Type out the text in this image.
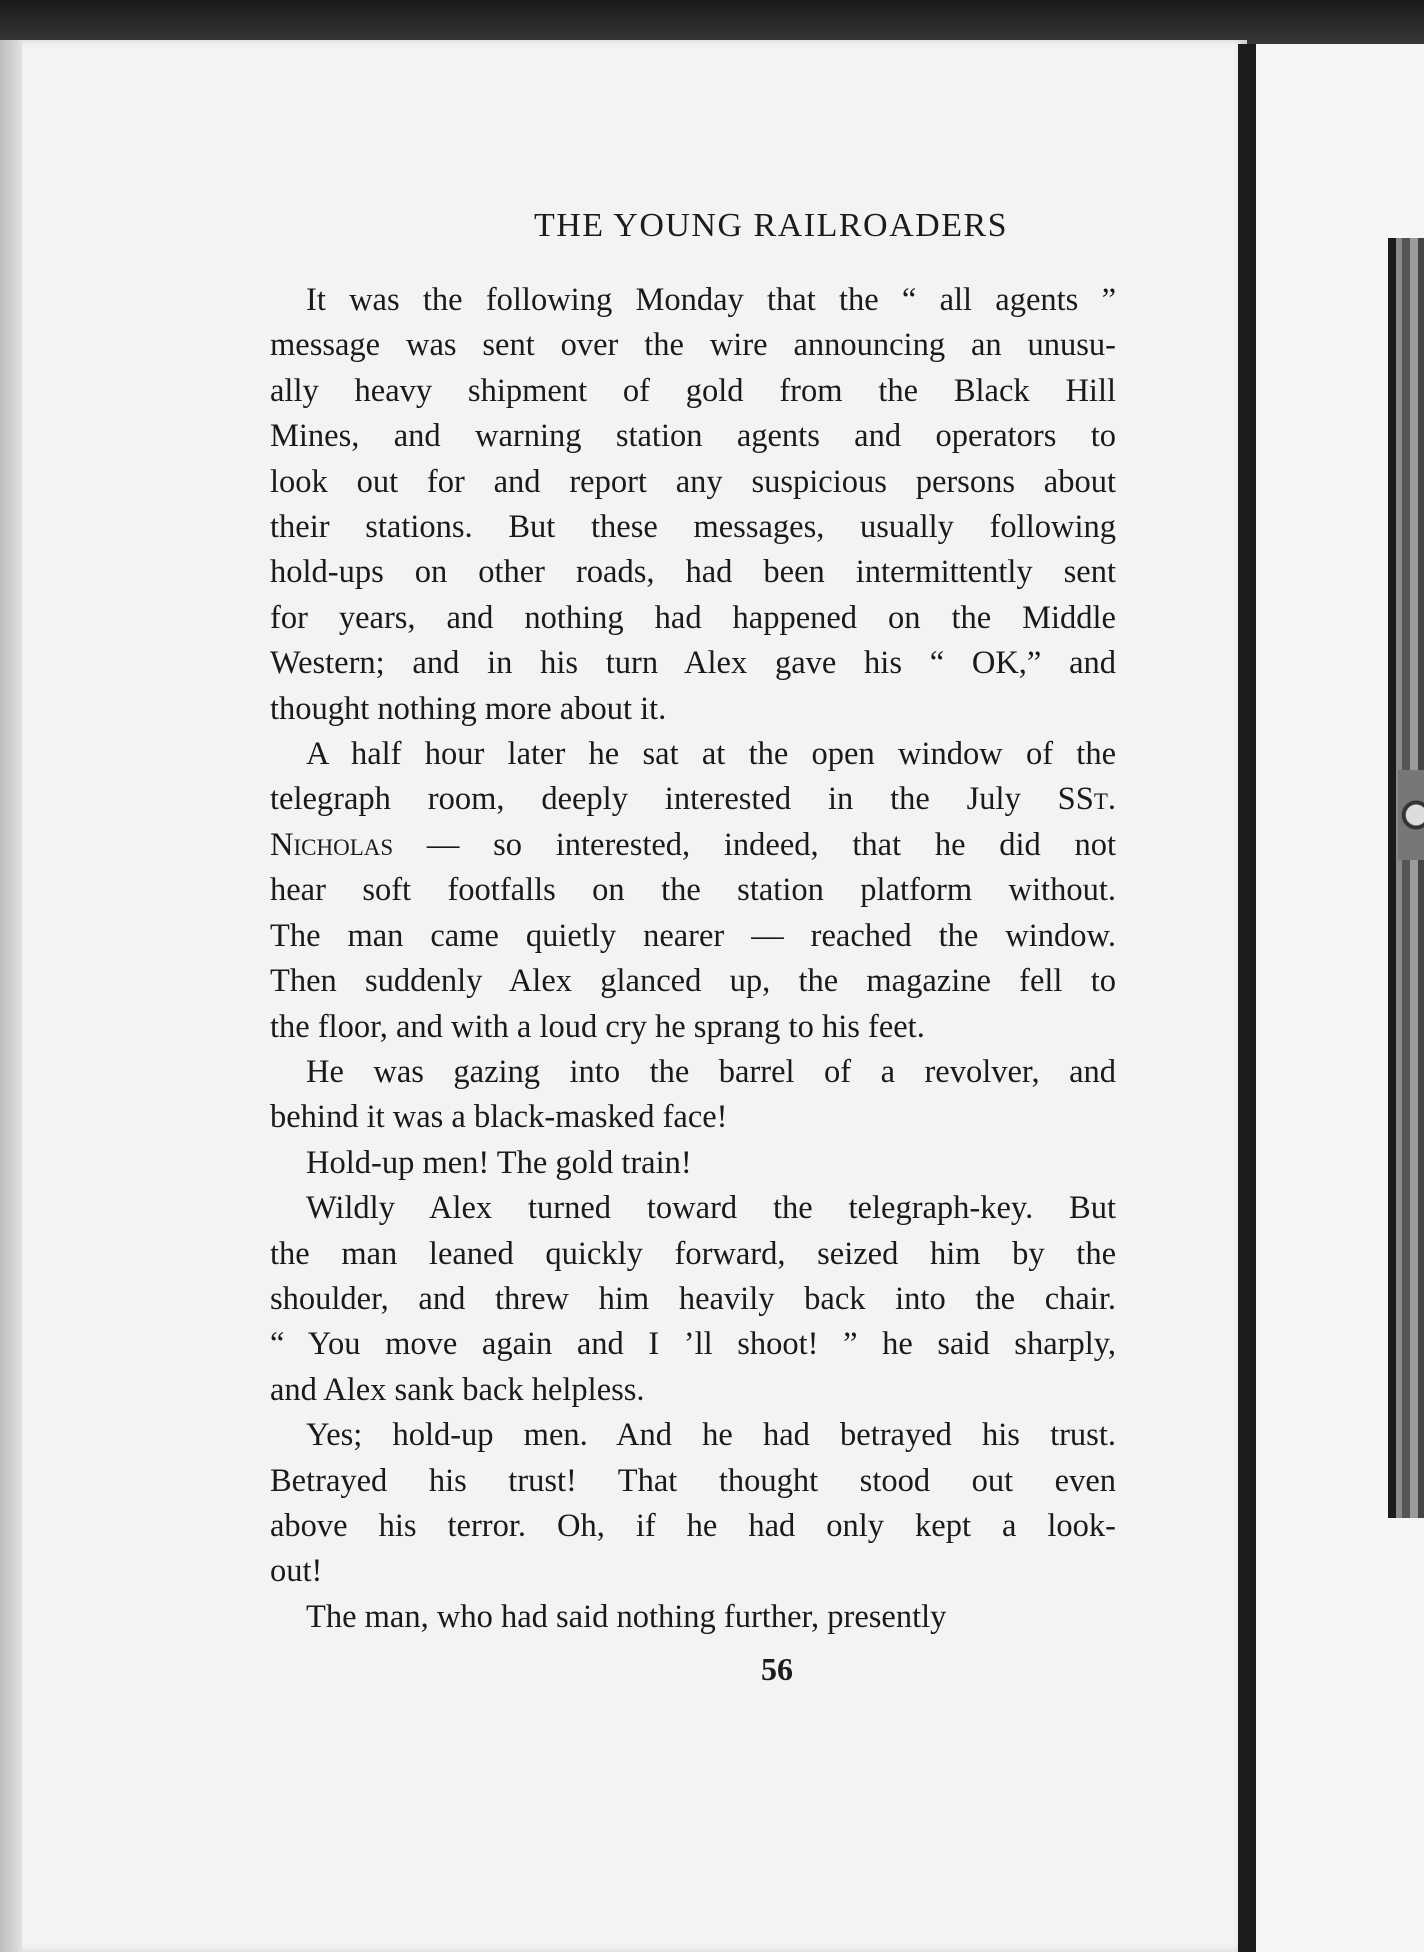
THE YOUNG RAILROADERS

It was the following Monday that the “ all agents ”
message was sent over the wire announcing an unusu-
ally heavy shipment of gold from the Black Hill
Mines, and warning station agents and operators to
look out for and report any suspicious persons about
their stations. But these messages, usually following
hold-ups on other roads, had been intermittently sent
for years, and nothing had happened on the Middle
Western; and in his turn Alex gave his “ OK,” and
thought nothing more about it.

A half hour later he sat at the open window of the
telegraph room, deeply interested in the July SSt.
Nicholas — so interested, indeed, that he did not
hear soft footfalls on the station platform without.
The man came quietly nearer — reached the window.
Then suddenly Alex glanced up, the magazine fell to
the floor, and with a loud cry he sprang to his feet.

He was gazing into the barrel of a revolver, and
behind it was a black-masked face!

Hold-up men! The gold train!

Wildly Alex turned toward the telegraph-key. But
the man leaned quickly forward, seized him by the
shoulder, and threw him heavily back into the chair.
“ You move again and I ’ll shoot! ” he said sharply,
and Alex sank back helpless.

Yes; hold-up men. And he had betrayed his trust.
Betrayed his trust! That thought stood out even
above his terror. Oh, if he had only kept a look-
out!

The man, who had said nothing further, presently

56
